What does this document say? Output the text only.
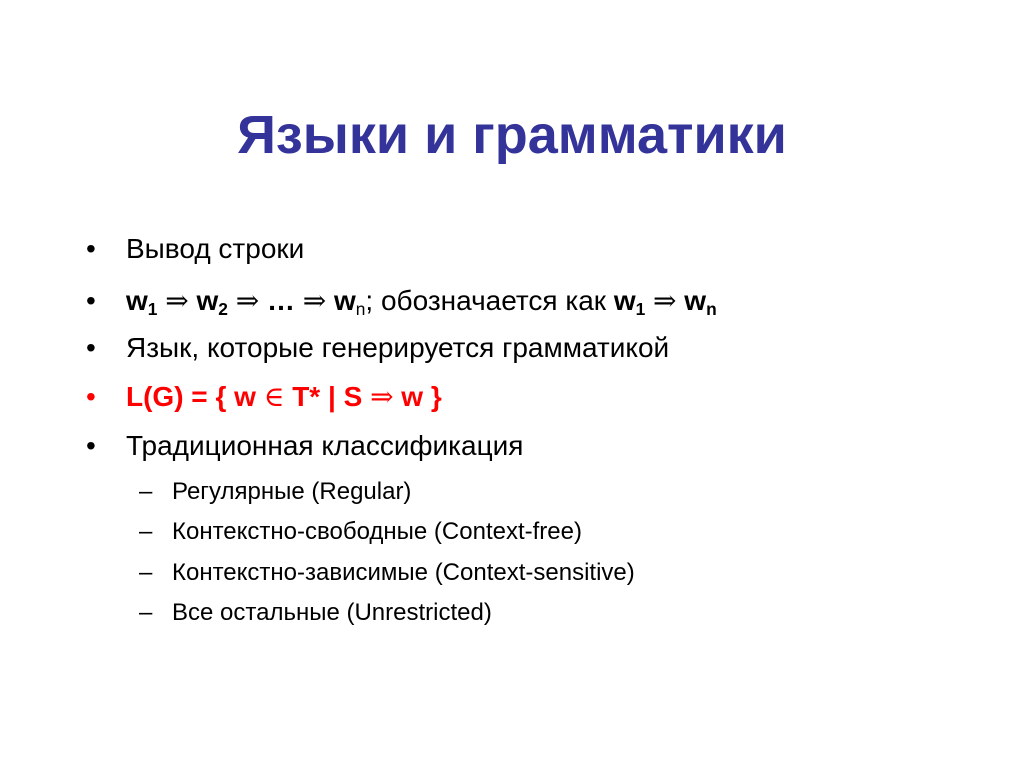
Языки и грамматики
•	Вывод строки
•	$w_1$ ⇒ $w_2$ ⇒ … ⇒ $w_n$; обозначается как $w_1$ ⇒ $w_n$
•	Язык, которые генерируется грамматикой
•	L(G) = { w ∈ T* | S ⇒ w }
•	Традиционная классификация
– Регулярные (Regular)
– Контекстно-свободные (Context-free)
– Контекстно-зависимые (Context-sensitive)
– Все остальные (Unrestricted)
